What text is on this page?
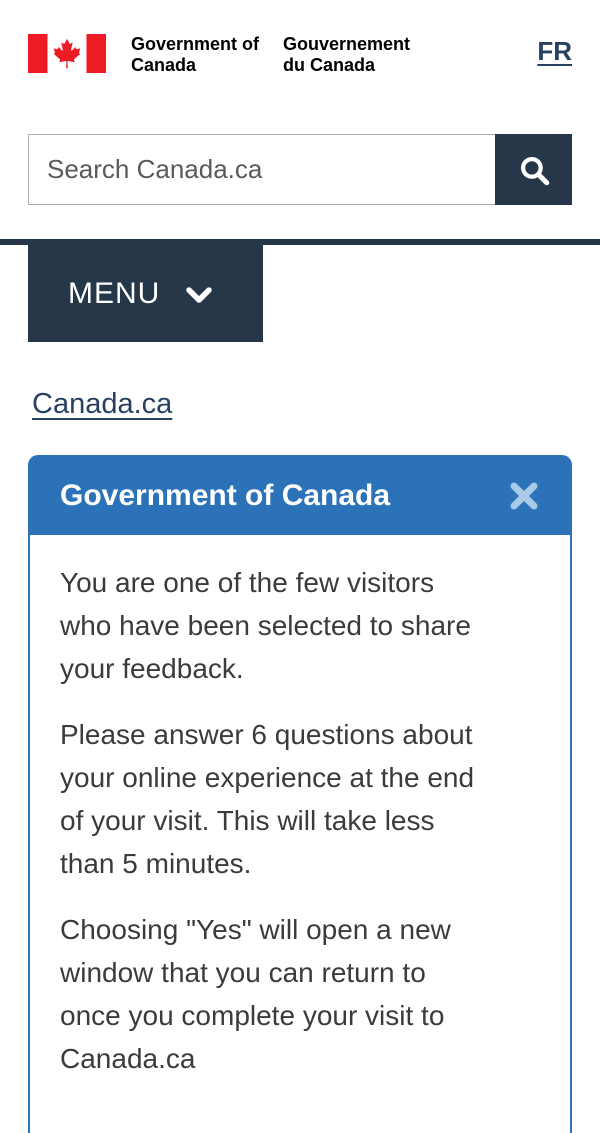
Government of Canada
Gouvernement du Canada	FR
Search Canada.ca
MENU
Canada.ca
Government of Canada

You are one of the few visitors
who have been selected to share
your feedback.

Please answer 6 questions about
your online experience at the end
of your visit. This will take less
than 5 minutes.

Choosing "Yes" will open a new
window that you can return to
once you complete your visit to
Canada.ca
